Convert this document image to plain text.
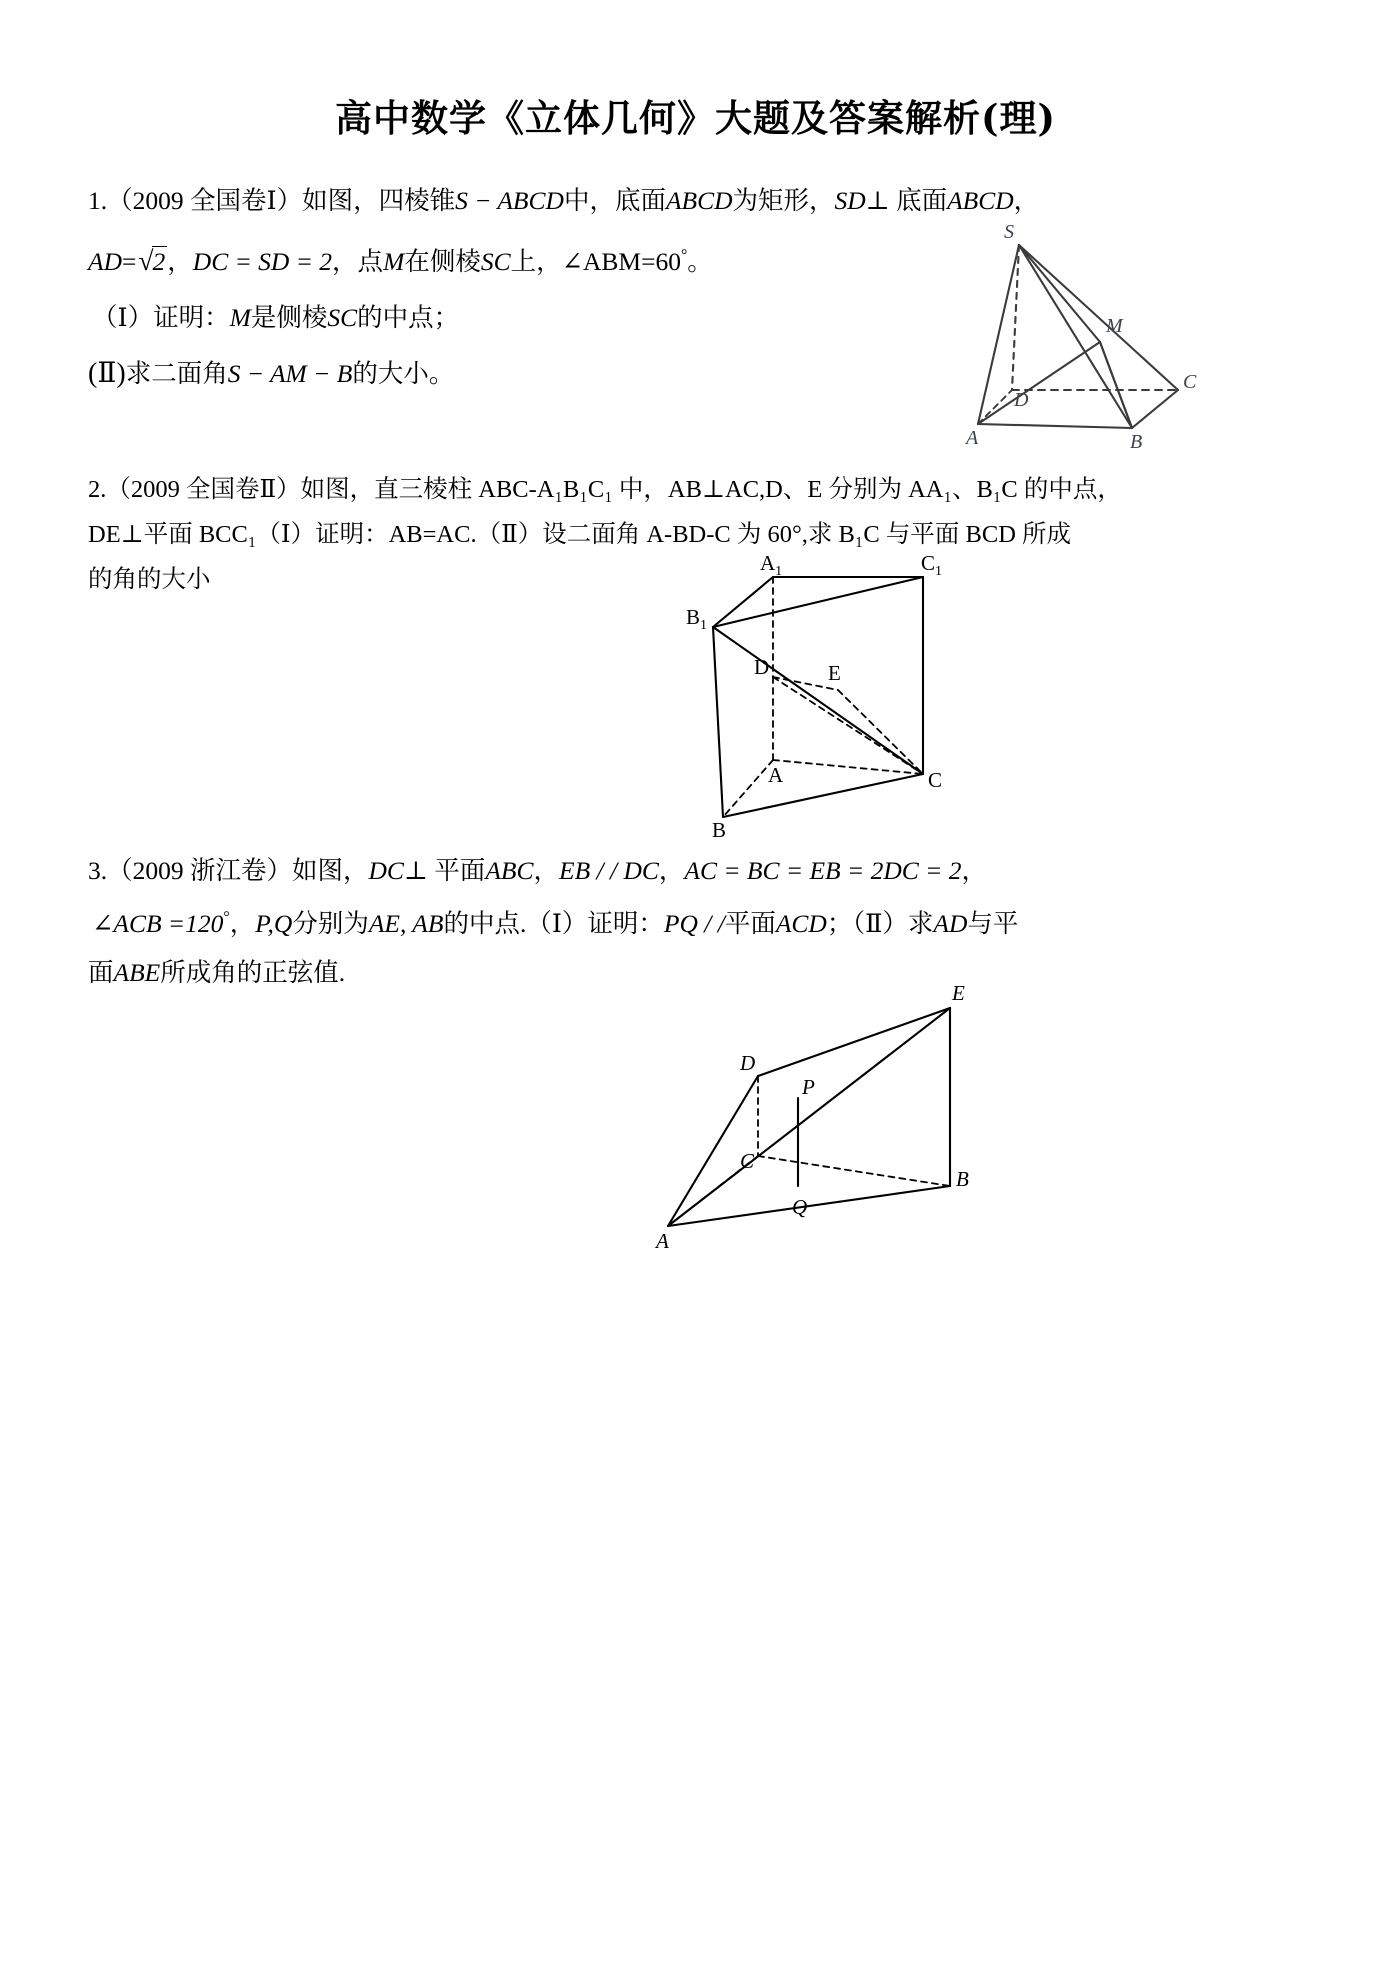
高中数学《立体几何》大题及答案解析(理)
1.（2009 全国卷Ⅰ）如图，四棱锥S − ABCD中，底面ABCD为矩形，SD⊥ 底面ABCD，
AD=√2，DC = SD = 2，点M在侧棱SC上，∠ABM=60°。
（Ⅰ）证明：M是侧棱SC的中点；
(Ⅱ)求二面角S − AM − B的大小。
S
M
C
D
A	B
2.（2009 全国卷Ⅱ）如图，直三棱柱 ABC-A₁B₁C₁ 中，AB⊥AC,D、E 分别为 AA₁、B₁C 的中点，
DE⊥平面 BCC₁（Ⅰ）证明：AB=AC.（Ⅱ）设二面角 A-BD-C 为 60°,求 B₁C 与平面 BCD 所成
的角的大小
$A_1$	$C_1$
$B_1$
D	E
A	C
B
3.（2009 浙江卷）如图，DC⊥ 平面ABC，EB / / DC，AC = BC = EB = 2DC = 2，
∠ACB =120°，P,Q分别为AE, AB的中点.（Ⅰ）证明：PQ / /平面ACD；（Ⅱ）求AD与平
面ABE所成角的正弦值.
E
D
P
C
B
Q
A
